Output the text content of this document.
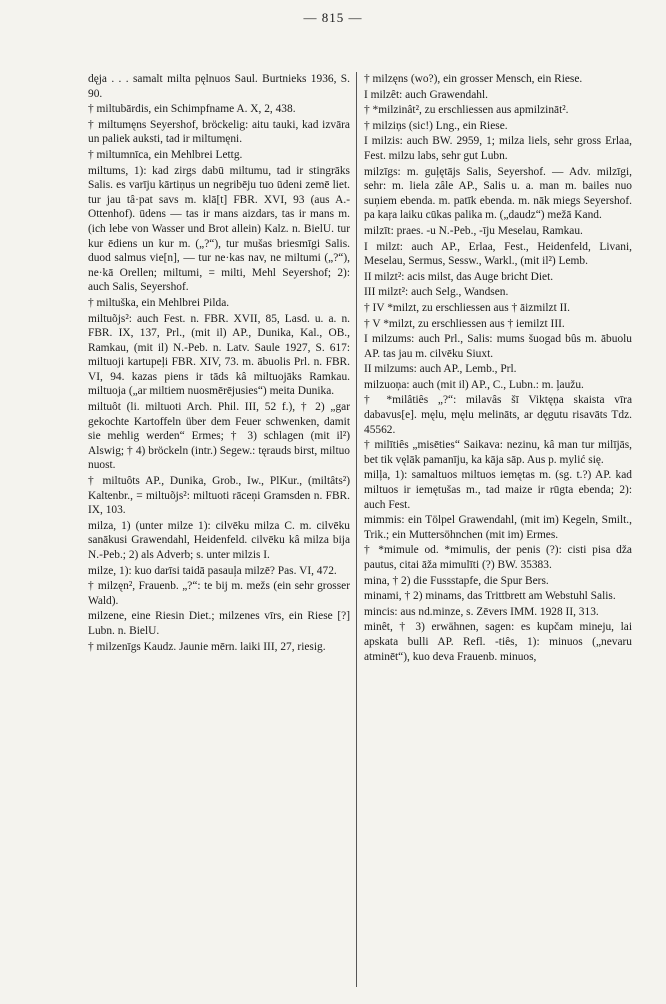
— 815 —
dęja . . . samalt milta pęlnuos Saul. Burtnieks 1936, S. 90.
† miltubārdis, ein Schimpfname A. X, 2, 438.
† miltumęns Seyershof, bröckelig: aitu tauki, kad izvāra un paliek auksti, tad ir miltumęni.
† miltumnīca, ein Mehlbrei Lettg.
miltums, 1): kad zirgs dabū miltumu, tad ir stingrāks Salis. es varīju kārtiņus un negribēju tuo ūdeni zemē liet. tur jau tâ·pat savs m. klā[t] FBR. XVI, 93 (aus A.-Ottenhof). ūdens — tas ir mans aizdars, tas ir mans m. (ich lebe von Wasser und Brot allein) Kalz. n. BielU. tur kur ēdiens un kur m. („?“), tur mušas briesmīgi Salis. duod salmus vie[n], — tur ne·kas nav, ne miltumi („?“), ne·kā Orellen; miltumi, = milti, Mehl Seyershof; 2): auch Salis, Seyershof.
† miltuška, ein Mehlbrei Pilda.
miltuõjs²: auch Fest. n. FBR. XVII, 85, Lasd. u. a. n. FBR. IX, 137, Prl., (mit il) AP., Dunika, Kal., OB., Ramkau, (mit il) N.-Peb. n. Latv. Saule 1927, S. 617: miltuoji kartupeļi FBR. XIV, 73. m. ābuolis Prl. n. FBR. VI, 94. kazas piens ir tāds kâ miltuojāks Ramkau. miltuoja („ar miltiem nuosmērējusies“) meita Dunika.
miltuôt (li. miltuoti Arch. Phil. III, 52 f.), † 2) „gar gekochte Kartoffeln über dem Feuer schwenken, damit sie mehlig werden“ Ermes; † 3) schlagen (mit il²) Alswig; † 4) bröckeln (intr.) Segew.: tęrauds birst, miltuo nuost.
† miltuôts AP., Dunika, Grob., Iw., PlKur., (miltâts²) Kaltenbr., = miltuõjs²: miltuoti rāceņi Gramsden n. FBR. IX, 103.
milza, 1) (unter milze 1): cilvēku milza C. m. cilvēku sanākusi Grawendahl, Heidenfeld. cilvēku kâ milza bija N.-Peb.; 2) als Adverb; s. unter milzis I.
milze, 1): kuo darīsi taidā pasauļa milzē? Pas. VI, 472.
† milzęn², Frauenb. „?“: te bij m. mežs (ein sehr grosser Wald).
milzene, eine Riesin Diet.; milzenes vīrs, ein Riese [?] Lubn. n. BielU.
† milzenīgs Kaudz. Jaunie mērn. laiki III, 27, riesig.
† milzęns (wo?), ein grosser Mensch, ein Riese.
I milzêt: auch Grawendahl.
† *milzinât², zu erschliessen aus apmilzināt².
† milziņs (sic!) Lng., ein Riese.
I milzis: auch BW. 2959, 1; milza liels, sehr gross Erlaa, Fest. milzu labs, sehr gut Lubn.
milzīgs: m. guļętājs Salis, Seyershof. — Adv. milzīgi, sehr: m. liela zâle AP., Salis u. a. man m. bailes nuo suņiem ebenda. m. patīk ebenda. m. nāk miegs Seyershof. pa kaŗa laiku cūkas palika m. („daudz“) mežā Kand.
milzīt: praes. -u N.-Peb., -īju Meselau, Ramkau.
I milzt: auch AP., Erlaa, Fest., Heidenfeld, Livani, Meselau, Sermus, Sessw., Warkl., (mit il²) Lemb.
II milzt²: acis milst, das Auge bricht Diet.
III milzt²: auch Selg., Wandsen.
† IV *milzt, zu erschliessen aus † āizmilzt II.
† V *milzt, zu erschliessen aus † iemilzt III.
I milzums: auch Prl., Salis: mums šuogad bûs m. ābuolu AP. tas jau m. cilvēku Siuxt.
II milzums: auch AP., Lemb., Prl.
milzuoņa: auch (mit il) AP., C., Lubn.: m. ļaužu.
† *milâtiês „?“: milavâs šī Viktęņa skaista vīra dabavus[e]. męlu, męlu melināts, ar dęgutu risavāts Tdz. 45562.
† milītiês „misēties“ Saikava: nezinu, kâ man tur milījās, bet tik vęlāk pamanīju, ka kāja sāp. Aus p. mylić się.
milļa, 1): samaltuos miltuos iemętas m. (sg. t.?) AP. kad miltuos ir iemętušas m., tad maize ir rūgta ebenda; 2): auch Fest.
mimmis: ein Tölpel Grawendahl, (mit im) Kegeln, Smilt., Trik.; ein Muttersöhnchen (mit im) Ermes.
† *mimule od. *mimulis, der penis (?): cisti pisa dža pautus, citai āža mimulīti (?) BW. 35383.
mina, † 2) die Fussstapfe, die Spur Bers.
minami, † 2) minams, das Trittbrett am Webstuhl Salis.
mincis: aus nd.minze, s. Zēvers IMM. 1928 II, 313.
minêt, † 3) erwähnen, sagen: es kupčam mineju, lai apskata bulli AP. Refl. -tiês, 1): minuos („nevaru atminēt“), kuo deva Frauenb. minuos,
